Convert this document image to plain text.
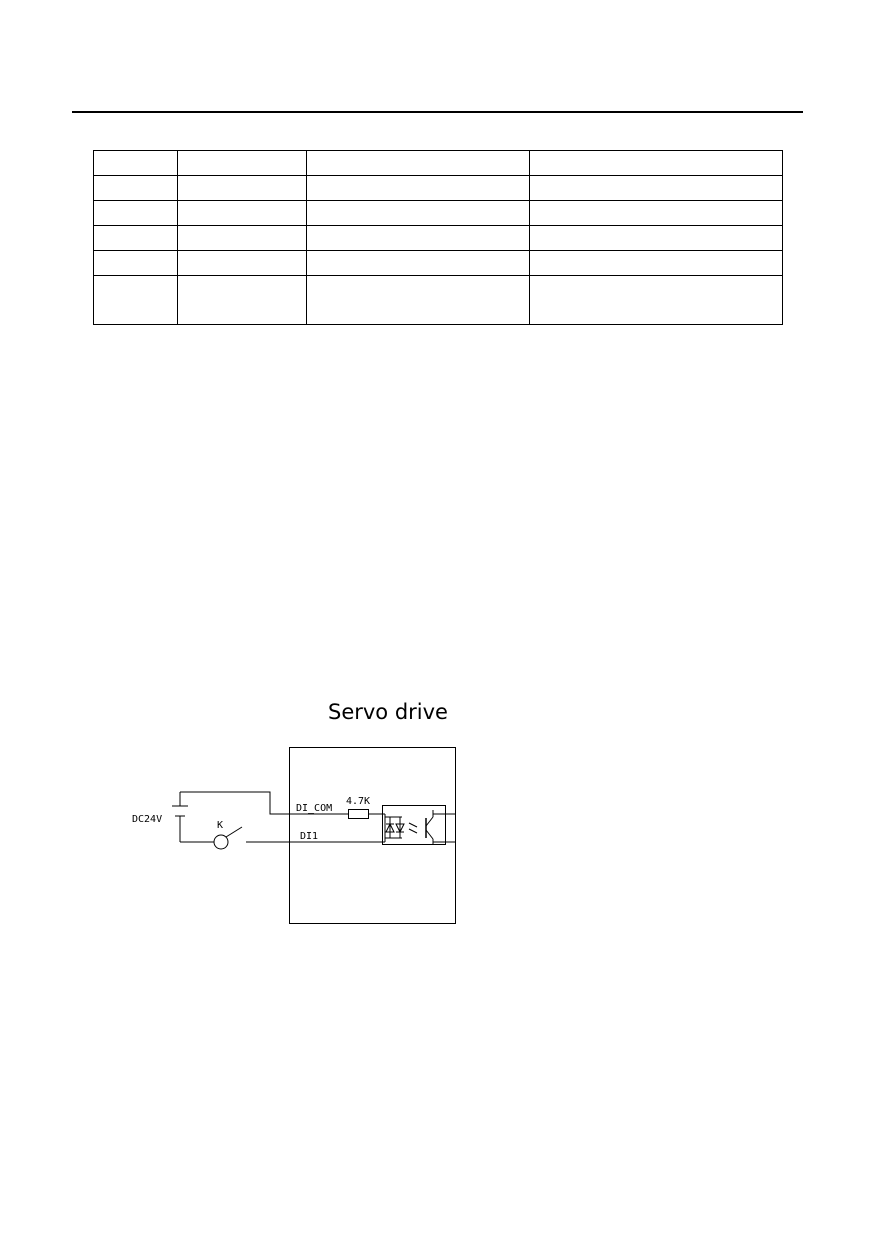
Servo drive
DC24V
K
4.7K
DI_COM
DI1
